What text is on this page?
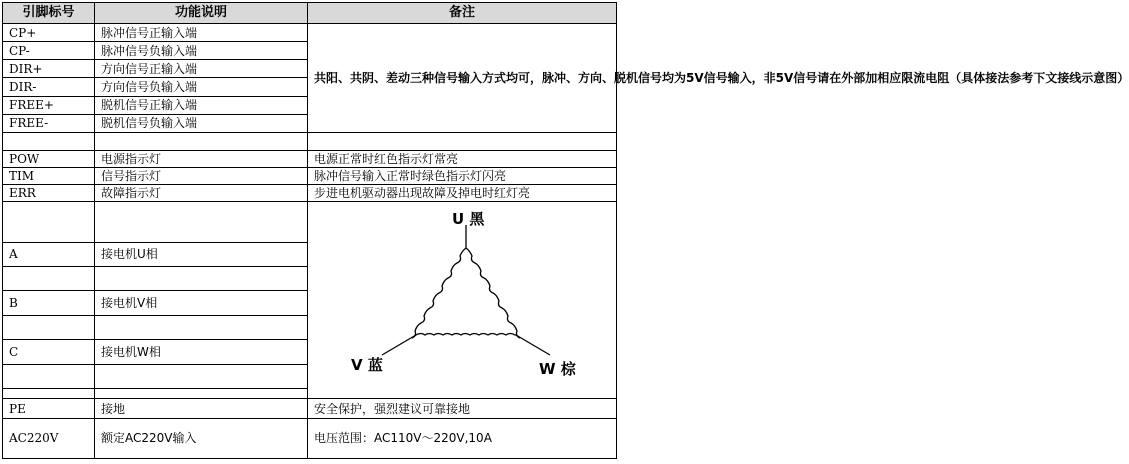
引脚标号	功能说明	备注
CP+	脉冲信号正输入端	共阳、共阴、差动三种信号输入方式均可，脉冲、方向、脱机信号均为5V信号输入，非5V信号请在外部加相应限流电阻（具体接法参考下文接线示意图）
CP-	脉冲信号负输入端	
DIR+	方向信号正输入端	
DIR-	方向信号负输入端	
FREE+	脱机信号正输入端	
FREE-	脱机信号负输入端	

POW	电源指示灯	电源正常时红色指示灯常亮
TIM	信号指示灯	脉冲信号输入正常时绿色指示灯闪亮
ERR	故障指示灯	步进电机驱动器出现故障及掉电时红灯亮

U 黑
V 蓝 W 棕

A	接电机U相	

B	接电机V相	

C	接电机W相	

PE	接地	安全保护，强烈建议可靠接地
AC220V	额定AC220V输入	电压范围：AC110V～220V,10A
